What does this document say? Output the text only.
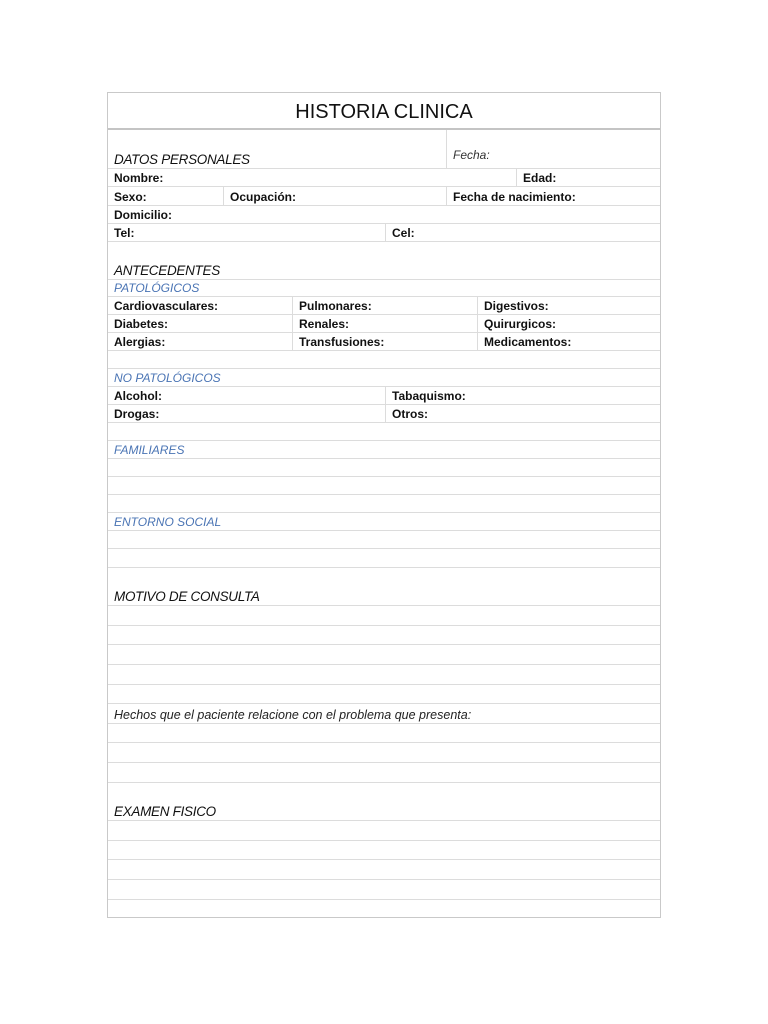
HISTORIA CLINICA
DATOS PERSONALES	Fecha:
Nombre:	Edad:
Sexo:	Ocupación:	Fecha de nacimiento:
Domicilio:
Tel:	Cel:
ANTECEDENTES
PATOLÓGICOS
Cardiovasculares:	Pulmonares:	Digestivos:
Diabetes:	Renales:	Quirurgicos:
Alergias:	Transfusiones:	Medicamentos:
NO PATOLÓGICOS
Alcohol:	Tabaquismo:
Drogas:	Otros:
FAMILIARES
ENTORNO SOCIAL
MOTIVO DE CONSULTA
Hechos que el paciente relacione con el problema que presenta:
EXAMEN FISICO
